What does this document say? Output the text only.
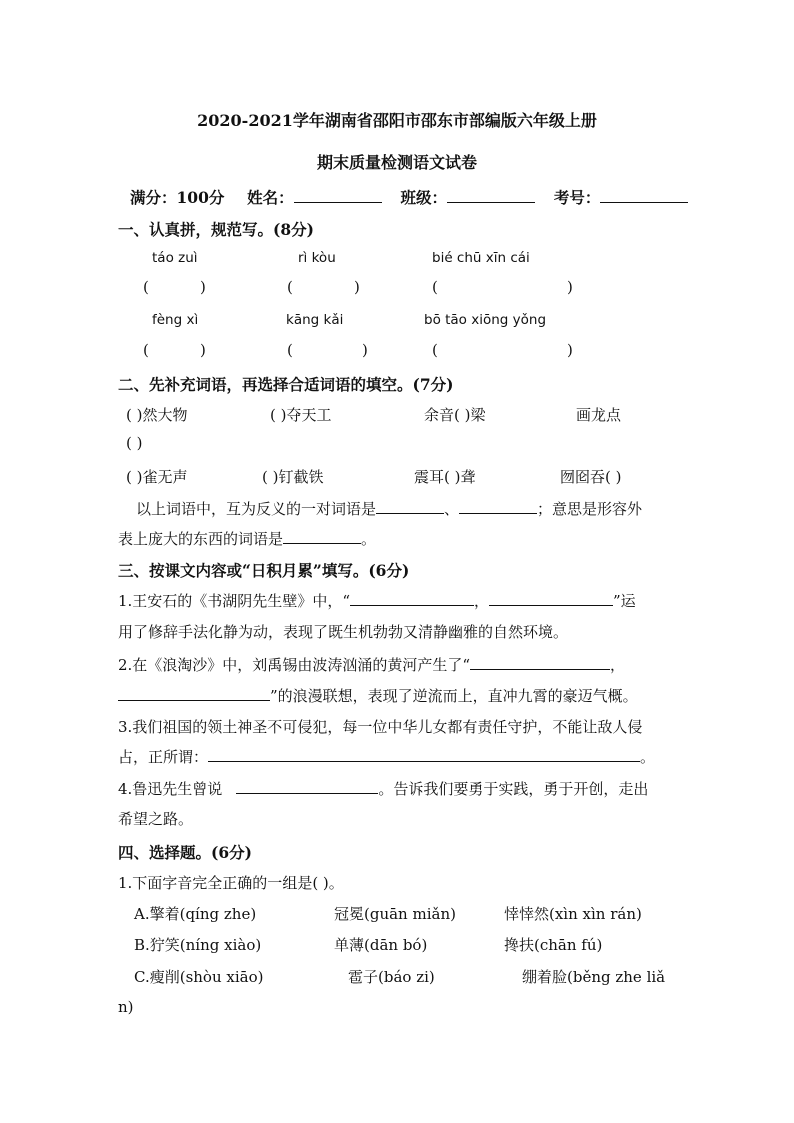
2020-2021学年湖南省邵阳市邵东市部编版六年级上册
期末质量检测语文试卷
满分：100分 姓名：	班级：	考号：
一、认真拼，规范写。(8分)
táo zuì	rì kòu	bié chū xīn cái
(	)	(	)	(	)
fèng xì	kāng kǎi	bō tāo xiōng yǒng
(	)	(	)	(	)
二、先补充词语，再选择合适词语的填空。(7分)
( )然大物	( )夺天工	余音( )梁	画龙点
( )
( )雀无声	( )钉截铁	震耳( )聋	囫囵吞( )
以上词语中，互为反义的一对词语是	、	；意思是形容外
表上庞大的东西的词语是	。
三、按课文内容或“日积月累”填写。(6分)
1.王安石的《书湖阴先生壁》中，“	，	”运
用了修辞手法化静为动，表现了既生机勃勃又清静幽雅的自然环境。
2.在《浪淘沙》中，刘禹锡由波涛汹涌的黄河产生了“	，
”的浪漫联想，表现了逆流而上，直冲九霄的豪迈气概。
3.我们祖国的领土神圣不可侵犯，每一位中华儿女都有责任守护，不能让敌人侵
占，正所谓：	。
4.鲁迅先生曾说	。告诉我们要勇于实践，勇于开创，走出
希望之路。
四、选择题。(6分)
1.下面字音完全正确的一组是( )。
A.擎着(qíng zhe)	冠冕(guān miǎn)	悻悻然(xìn xìn rán)
B.狞笑(níng xiào)	单薄(dān bó)	搀扶(chān fú)
C.瘦削(shòu xiāo)	雹子(báo zi)	绷着脸(běng zhe liǎ
n)
